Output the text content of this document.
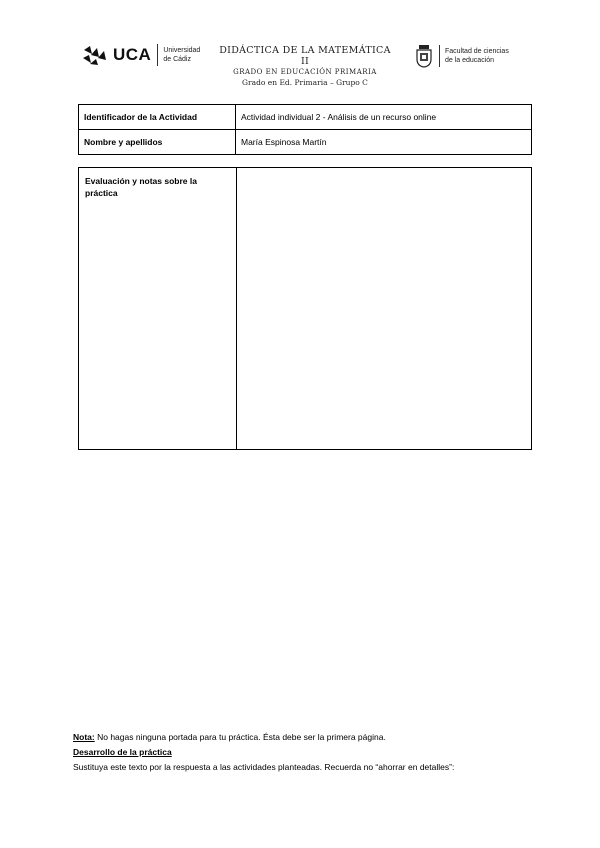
UCA Universidad
de Cádiz
DIDÁCTICA DE LA MATEMÁTICA II
GRADO EN EDUCACIÓN PRIMARIA
Grado en Ed. Primaria – Grupo C
Facultad de ciencias
de la educación
Identificador de la Actividad	Actividad individual 2 - Análisis de un recurso online
Nombre y apellidos	María Espinosa Martín
Evaluación y notas sobre la práctica
Nota: No hagas ninguna portada para tu práctica. Ésta debe ser la primera página.
Desarrollo de la práctica
Sustituya este texto por la respuesta a las actividades planteadas. Recuerda no “ahorrar en detalles”:
